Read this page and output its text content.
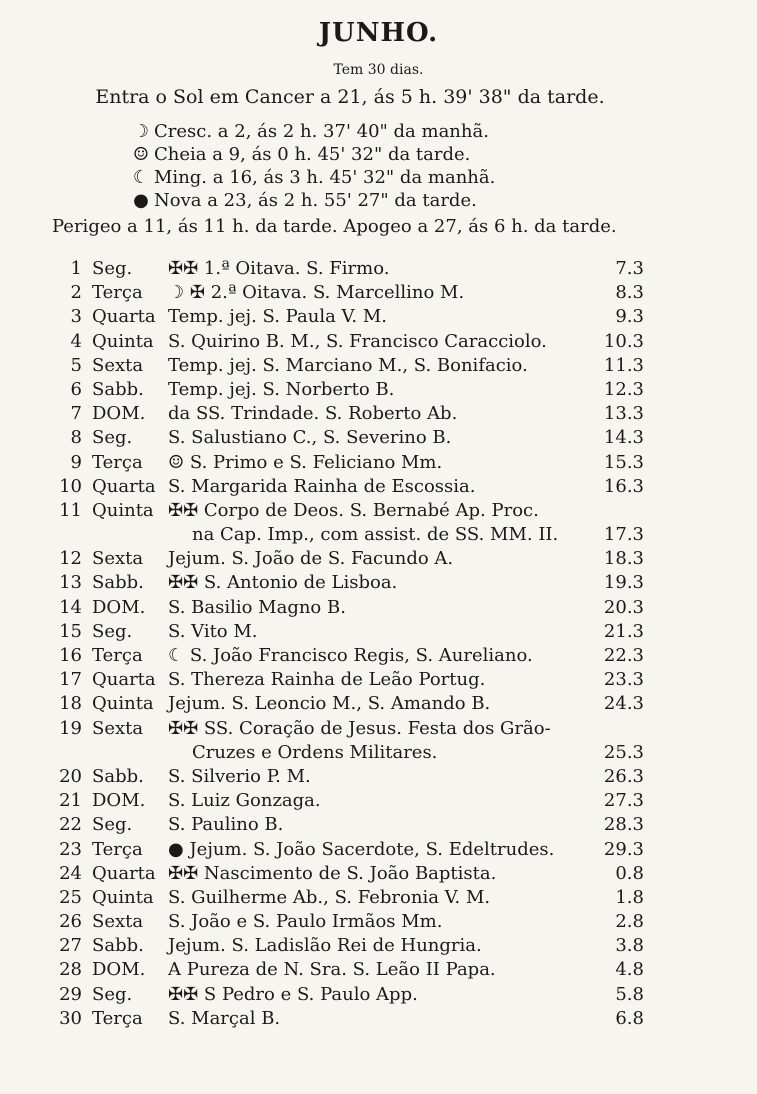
JUNHO.
Tem 30 dias.
Entra o Sol em Cancer a 21, ás 5 h. 39' 38" da tarde.
☽ Cresc. a 2, ás 2 h. 37' 40" da manhã.
☺ Cheia a 9, ás 0 h. 45' 32" da tarde.
☾ Ming. a 16, ás 3 h. 45' 32" da manhã.
● Nova a 23, ás 2 h. 55' 27" da tarde.
Perigeo a 11, ás 11 h. da tarde. Apogeo a 27, ás 6 h. da tarde.
1 Seg. ✠✠ 1.ª Oitava. S. Firmo.	7.3
2 Terça ☽ ✠ 2.ª Oitava. S. Marcellino M.	8.3
3 Quarta Temp. jej. S. Paula V. M.	9.3
4 Quinta S. Quirino B. M., S. Francisco Caracciolo.	10.3
5 Sexta Temp. jej. S. Marciano M., S. Bonifacio.	11.3
6 Sabb. Temp. jej. S. Norberto B.	12.3
7 DOM. da SS. Trindade. S. Roberto Ab.	13.3
8 Seg. S. Salustiano C., S. Severino B.	14.3
9 Terça ☺ S. Primo e S. Feliciano Mm.	15.3
10 Quarta S. Margarida Rainha de Escossia.	16.3
11 Quinta ✠✠ Corpo de Deos. S. Bernabé Ap. Proc.
na Cap. Imp., com assist. de SS. MM. II.	17.3
12 Sexta Jejum. S. João de S. Facundo A.	18.3
13 Sabb. ✠✠ S. Antonio de Lisboa.	19.3
14 DOM. S. Basilio Magno B.	20.3
15 Seg. S. Vito M.	21.3
16 Terça ☾ S. João Francisco Regis, S. Aureliano.	22.3
17 Quarta S. Thereza Rainha de Leão Portug.	23.3
18 Quinta Jejum. S. Leoncio M., S. Amando B.	24.3
19 Sexta ✠✠ SS. Coração de Jesus. Festa dos Grão-
Cruzes e Ordens Militares.	25.3
20 Sabb. S. Silverio P. M.	26.3
21 DOM. S. Luiz Gonzaga.	27.3
22 Seg. S. Paulino B.	28.3
23 Terça ● Jejum. S. João Sacerdote, S. Edeltrudes.	29.3
24 Quarta ✠✠ Nascimento de S. João Baptista.	0.8
25 Quinta S. Guilherme Ab., S. Febronia V. M.	1.8
26 Sexta S. João e S. Paulo Irmãos Mm.	2.8
27 Sabb. Jejum. S. Ladislão Rei de Hungria.	3.8
28 DOM. A Pureza de N. Sra. S. Leão II Papa.	4.8
29 Seg. ✠✠ S Pedro e S. Paulo App.	5.8
30 Terça S. Marçal B.	6.8
